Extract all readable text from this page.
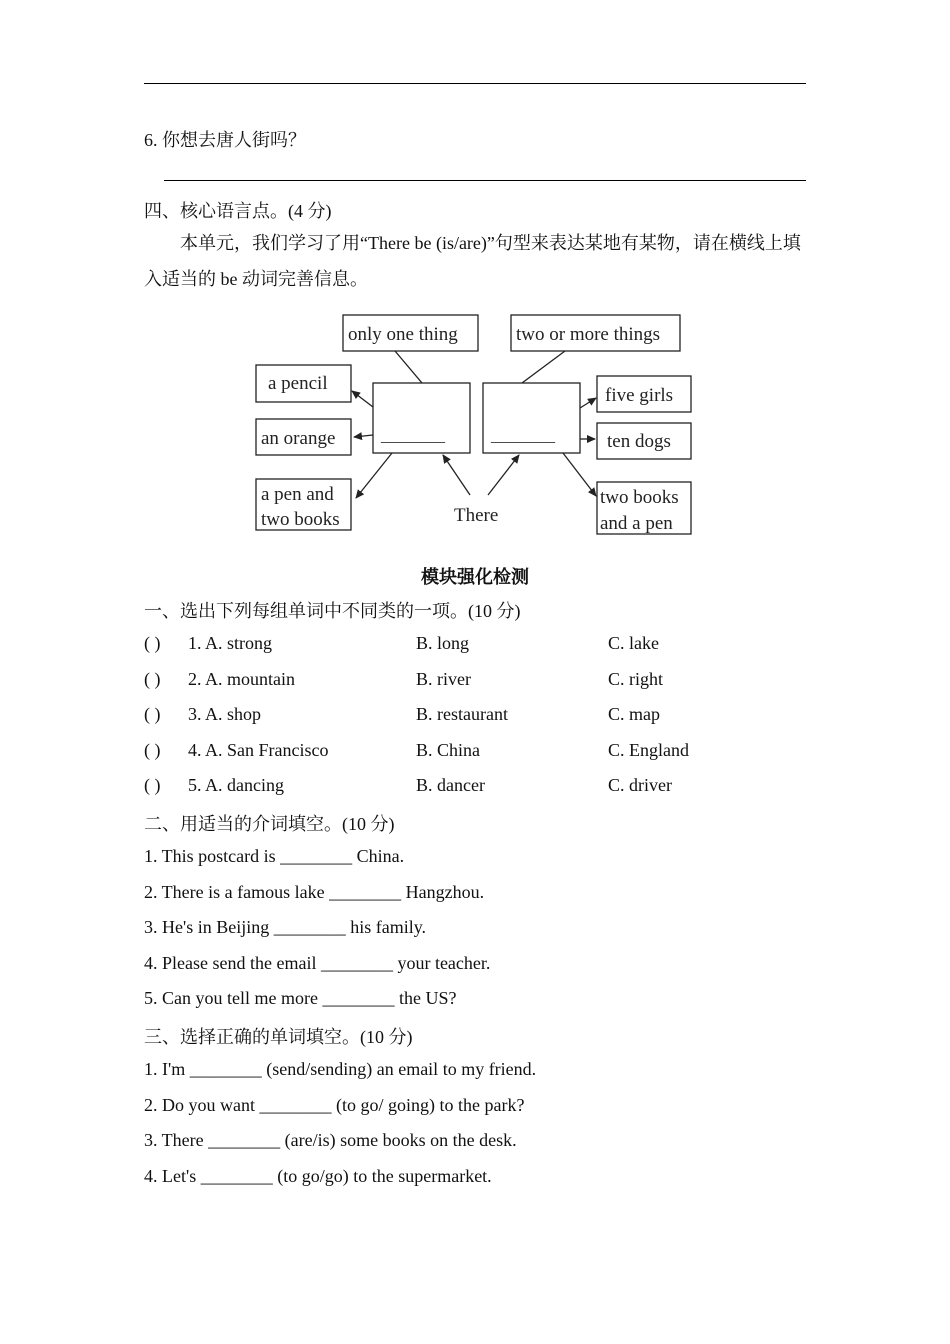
6. 你想去唐人街吗？
四、核心语言点。(4 分)
本单元，我们学习了用“There be (is/are)”句型来表达某地有某物，请在横线上填入适当的 be 动词完善信息。
only one thing	two or more things
a pencil
an orange
a pen and
two books
five girls
ten dogs
two books
and a pen
There
________	________
模块强化检测
一、选出下列每组单词中不同类的一项。(10 分)
( ) 1. A. strong	B. long	C. lake
( ) 2. A. mountain	B. river	C. right
( ) 3. A. shop	B. restaurant	C. map
( ) 4. A. San Francisco	B. China	C. England
( ) 5. A. dancing	B. dancer	C. driver
二、用适当的介词填空。(10 分)
1. This postcard is ________ China.
2. There is a famous lake ________ Hangzhou.
3. He's in Beijing ________ his family.
4. Please send the email ________ your teacher.
5. Can you tell me more ________ the US?
三、选择正确的单词填空。(10 分)
1. I'm ________ (send/sending) an email to my friend.
2. Do you want ________ (to go/ going) to the park?
3. There ________ (are/is) some books on the desk.
4. Let's ________ (to go/go) to the supermarket.
